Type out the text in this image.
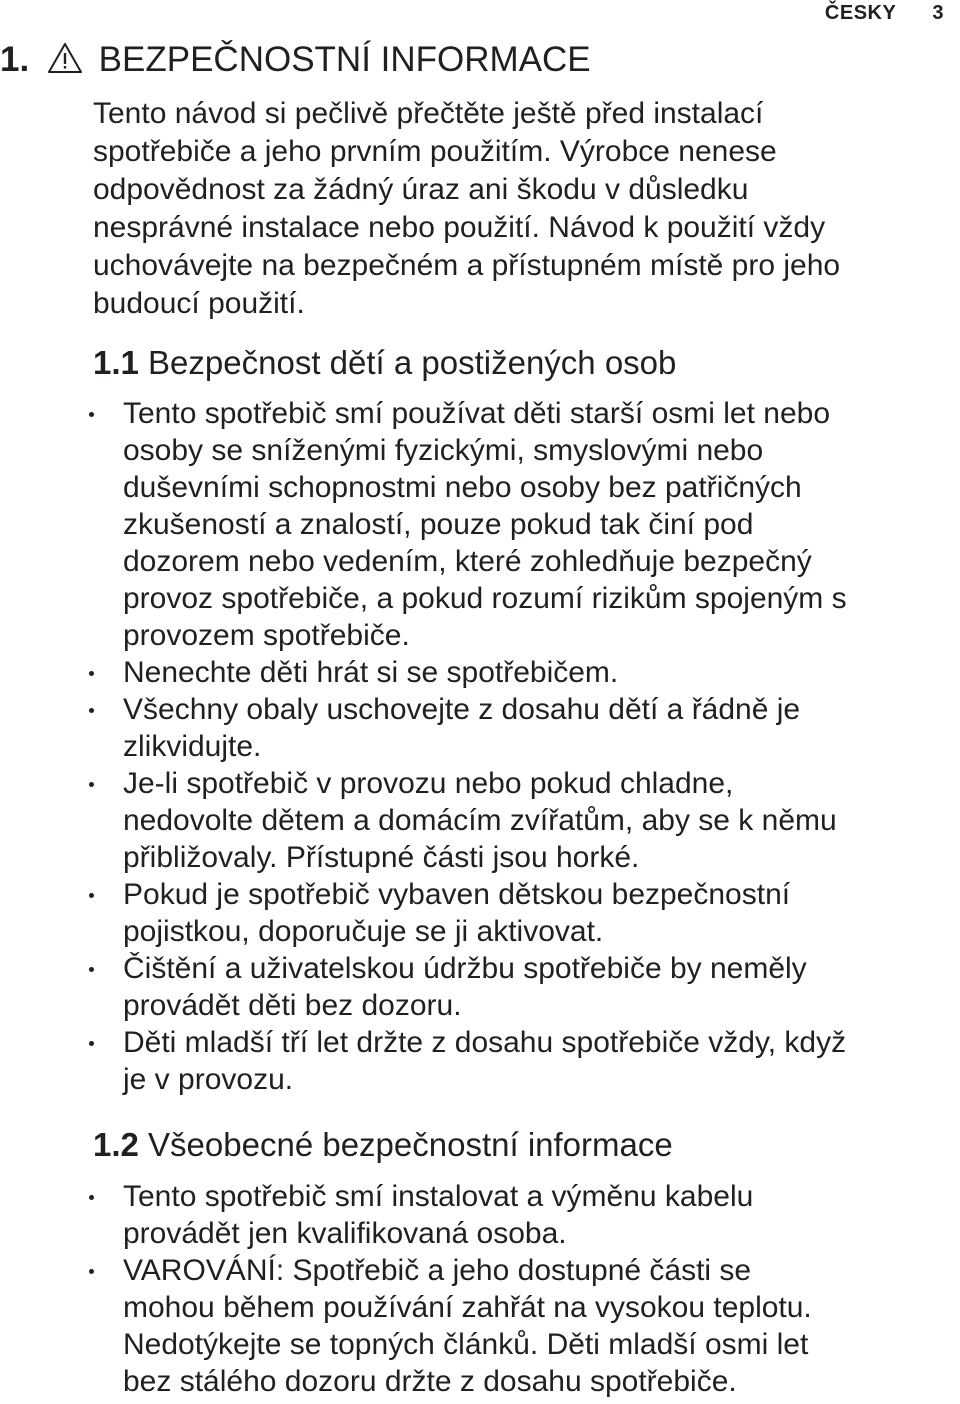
ČESKY 3
1. BEZPEČNOSTNÍ INFORMACE

Tento návod si pečlivě přečtěte ještě před instalací
spotřebiče a jeho prvním použitím. Výrobce nenese
odpovědnost za žádný úraz ani škodu v důsledku
nesprávné instalace nebo použití. Návod k použití vždy
uchovávejte na bezpečném a přístupném místě pro jeho
budoucí použití.

1.1 Bezpečnost dětí a postižených osob
Tento spotřebič smí používat děti starší osmi let nebo
osoby se sníženými fyzickými, smyslovými nebo
duševními schopnostmi nebo osoby bez patřičných
zkušeností a znalostí, pouze pokud tak činí pod
dozorem nebo vedením, které zohledňuje bezpečný
provoz spotřebiče, a pokud rozumí rizikům spojeným s
provozem spotřebiče.
Nenechte děti hrát si se spotřebičem.
Všechny obaly uschovejte z dosahu dětí a řádně je
zlikvidujte.
Je-li spotřebič v provozu nebo pokud chladne,
nedovolte dětem a domácím zvířatům, aby se k němu
přibližovaly. Přístupné části jsou horké.
Pokud je spotřebič vybaven dětskou bezpečnostní
pojistkou, doporučuje se ji aktivovat.
Čištění a uživatelskou údržbu spotřebiče by neměly
provádět děti bez dozoru.
Děti mladší tří let držte z dosahu spotřebiče vždy, když
je v provozu.
1.2 Všeobecné bezpečnostní informace
Tento spotřebič smí instalovat a výměnu kabelu
provádět jen kvalifikovaná osoba.
VAROVÁNÍ: Spotřebič a jeho dostupné části se
mohou během používání zahřát na vysokou teplotu.
Nedotýkejte se topných článků. Děti mladší osmi let
bez stálého dozoru držte z dosahu spotřebiče.
